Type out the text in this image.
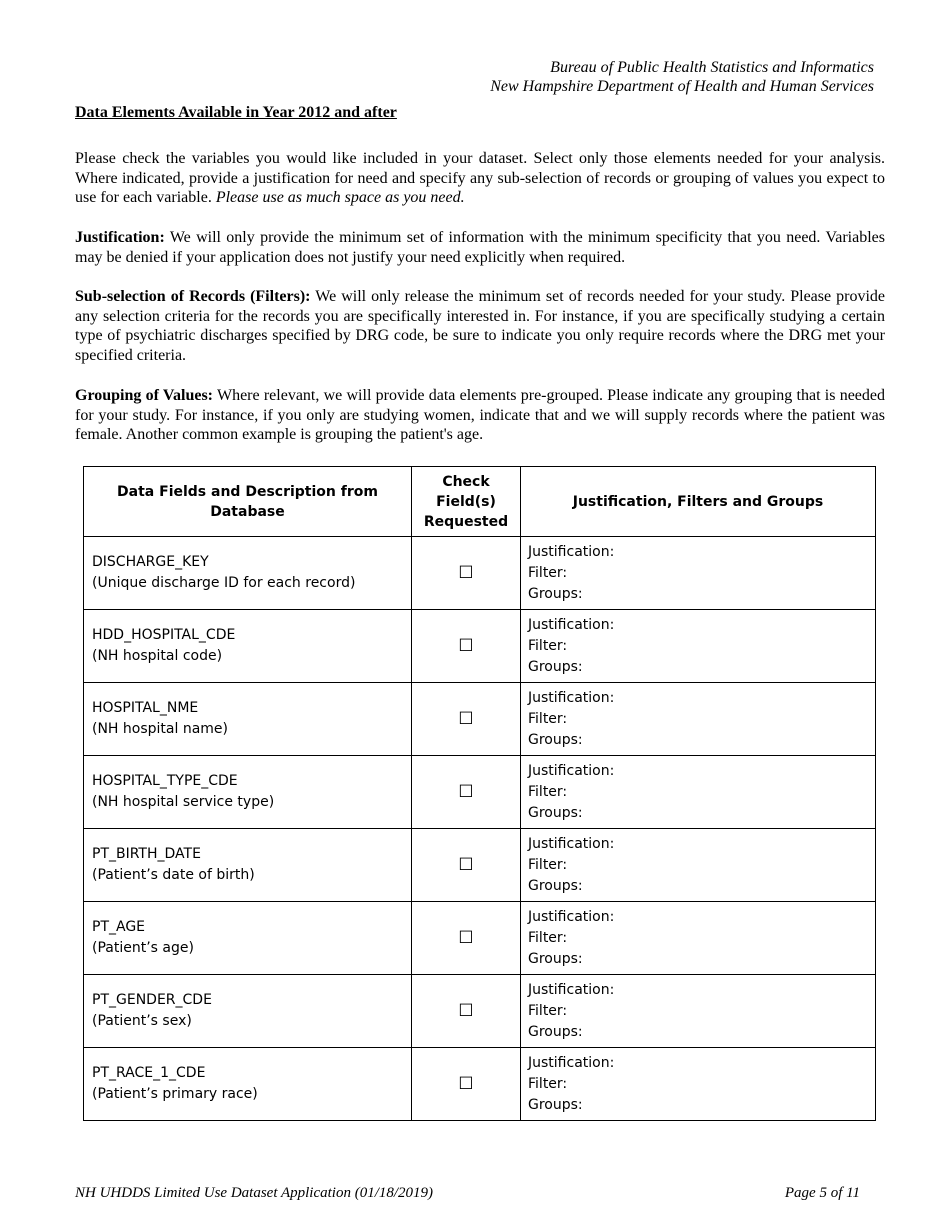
Bureau of Public Health Statistics and Informatics
New Hampshire Department of Health and Human Services
Data Elements Available in Year 2012 and after

Please check the variables you would like included in your dataset. Select only those elements needed for your analysis. Where indicated, provide a justification for need and specify any sub-selection of records or grouping of values you expect to use for each variable. Please use as much space as you need.

Justification: We will only provide the minimum set of information with the minimum specificity that you need. Variables may be denied if your application does not justify your need explicitly when required.

Sub-selection of Records (Filters): We will only release the minimum set of records needed for your study. Please provide any selection criteria for the records you are specifically interested in. For instance, if you are specifically studying a certain type of psychiatric discharges specified by DRG code, be sure to indicate you only require records where the DRG met your specified criteria.

Grouping of Values: Where relevant, we will provide data elements pre-grouped. Please indicate any grouping that is needed for your study. For instance, if you only are studying women, indicate that and we will supply records where the patient was female. Another common example is grouping the patient's age.

Data Fields and Description from Database	Check
Field(s)
Requested	Justification, Filters and Groups

DISCHARGE_KEY
(Unique discharge ID for each record)	☐	Justification:
Filter:
Groups:

HDD_HOSPITAL_CDE
(NH hospital code)	☐	Justification:
Filter:
Groups:

HOSPITAL_NME
(NH hospital name)	☐	Justification:
Filter:
Groups:

HOSPITAL_TYPE_CDE
(NH hospital service type)	☐	Justification:
Filter:
Groups:

PT_BIRTH_DATE
(Patient’s date of birth)	☐	Justification:
Filter:
Groups:

PT_AGE
(Patient’s age)	☐	Justification:
Filter:
Groups:

PT_GENDER_CDE
(Patient’s sex)	☐	Justification:
Filter:
Groups:

PT_RACE_1_CDE
(Patient’s primary race)	☐	Justification:
Filter:
Groups:
NH UHDDS Limited Use Dataset Application (01/18/2019)	Page 5 of 11
